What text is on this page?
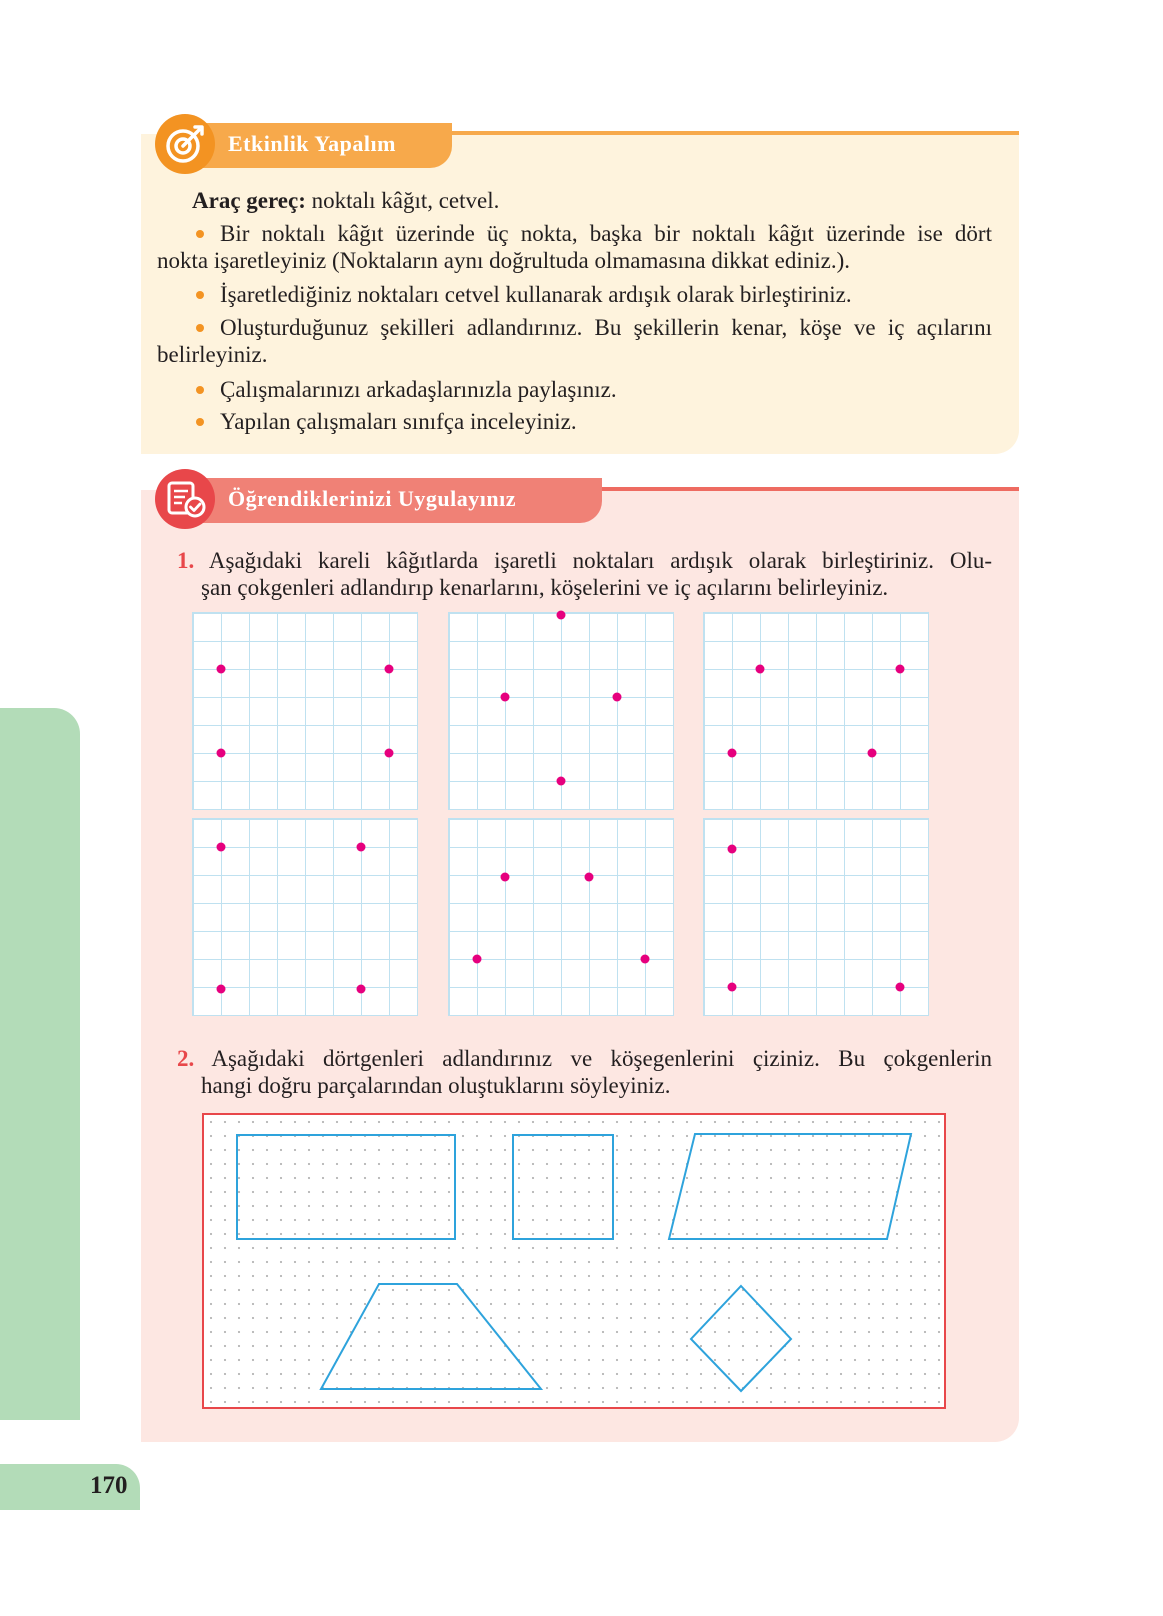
170
Etkinlik Yapalım
Araç gereç: noktalı kâğıt, cetvel.
Bir noktalı kâğıt üzerinde üç nokta, başka bir noktalı kâğıt üzerinde ise dört
nokta işaretleyiniz (Noktaların aynı doğrultuda olmamasına dikkat ediniz.).
İşaretlediğiniz noktaları cetvel kullanarak ardışık olarak birleştiriniz.
Oluşturduğunuz şekilleri adlandırınız. Bu şekillerin kenar, köşe ve iç açılarını
belirleyiniz.
Çalışmalarınızı arkadaşlarınızla paylaşınız.
Yapılan çalışmaları sınıfça inceleyiniz.
Öğrendiklerinizi Uygulayınız
1. Aşağıdaki kareli kâğıtlarda işaretli noktaları ardışık olarak birleştiriniz. Olu-
şan çokgenleri adlandırıp kenarlarını, köşelerini ve iç açılarını belirleyiniz.
2. Aşağıdaki dörtgenleri adlandırınız ve köşegenlerini çiziniz. Bu çokgenlerin
hangi doğru parçalarından oluştuklarını söyleyiniz.
